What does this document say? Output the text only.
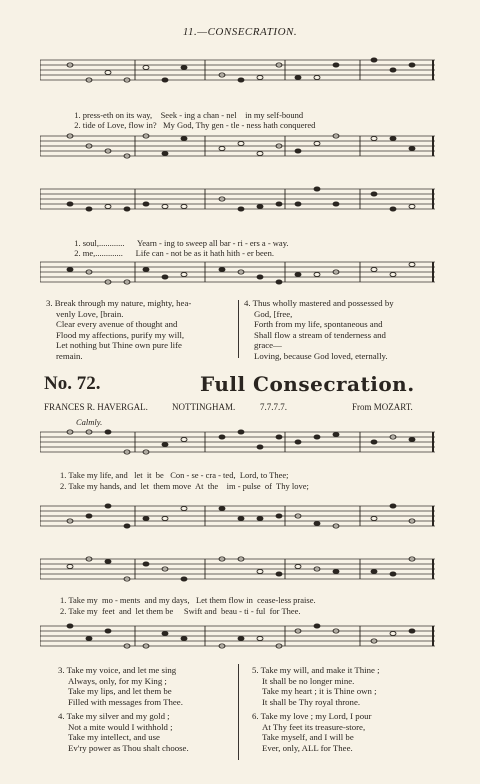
11.—CONSECRATION.

1. press-eth on its way, Seek - ing a chan - nel in my self-bound

2. tide of Love, flow in? My God, Thy gen - tle - ness hath conquered

1. soul,............ Yearn - ing to sweep all bar - ri - ers a - way.

2. me,............. Life can - not be as it hath hith - er been.

3. Break through my nature, mighty, hea-
venly Love, [brain.
Clear every avenue of thought and
Flood my affections, purify my will,
Let nothing but Thine own pure life
remain.
4. Thus wholly mastered and possessed by
God, [free,
Forth from my life, spontaneous and
Shall flow a stream of tenderness and
grace—
Loving, because God loved, eternally.
No. 72.	Full Consecration.
FRANCES R. HAVERGAL.	NOTTINGHAM.	7.7.7.7.	From MOZART.
Calmly.
1. Take my life, and   let  it  be   Con - se - cra - ted,  Lord, to Thee;
2. Take my hands, and  let  them move  At  the    im - pulse  of  Thy love;
1. Take my  mo - ments  and my days,   Let them flow in  cease-less praise.
2. Take my  feet  and  let them be     Swift and  beau - ti - ful  for Thee.
3. Take my voice, and let me sing
Always, only, for my King ;
Take my lips, and let them be
Filled with messages from Thee.
4. Take my silver and my gold ;
Not a mite would I withhold ;
Take my intellect, and use
Ev'ry power as Thou shalt choose.
5. Take my will, and make it Thine ;
It shall be no longer mine.
Take my heart ; it is Thine own ;
It shall be Thy royal throne.
6. Take my love ; my Lord, I pour
At Thy feet its treasure-store,
Take myself, and I will be
Ever, only, ALL for Thee.
